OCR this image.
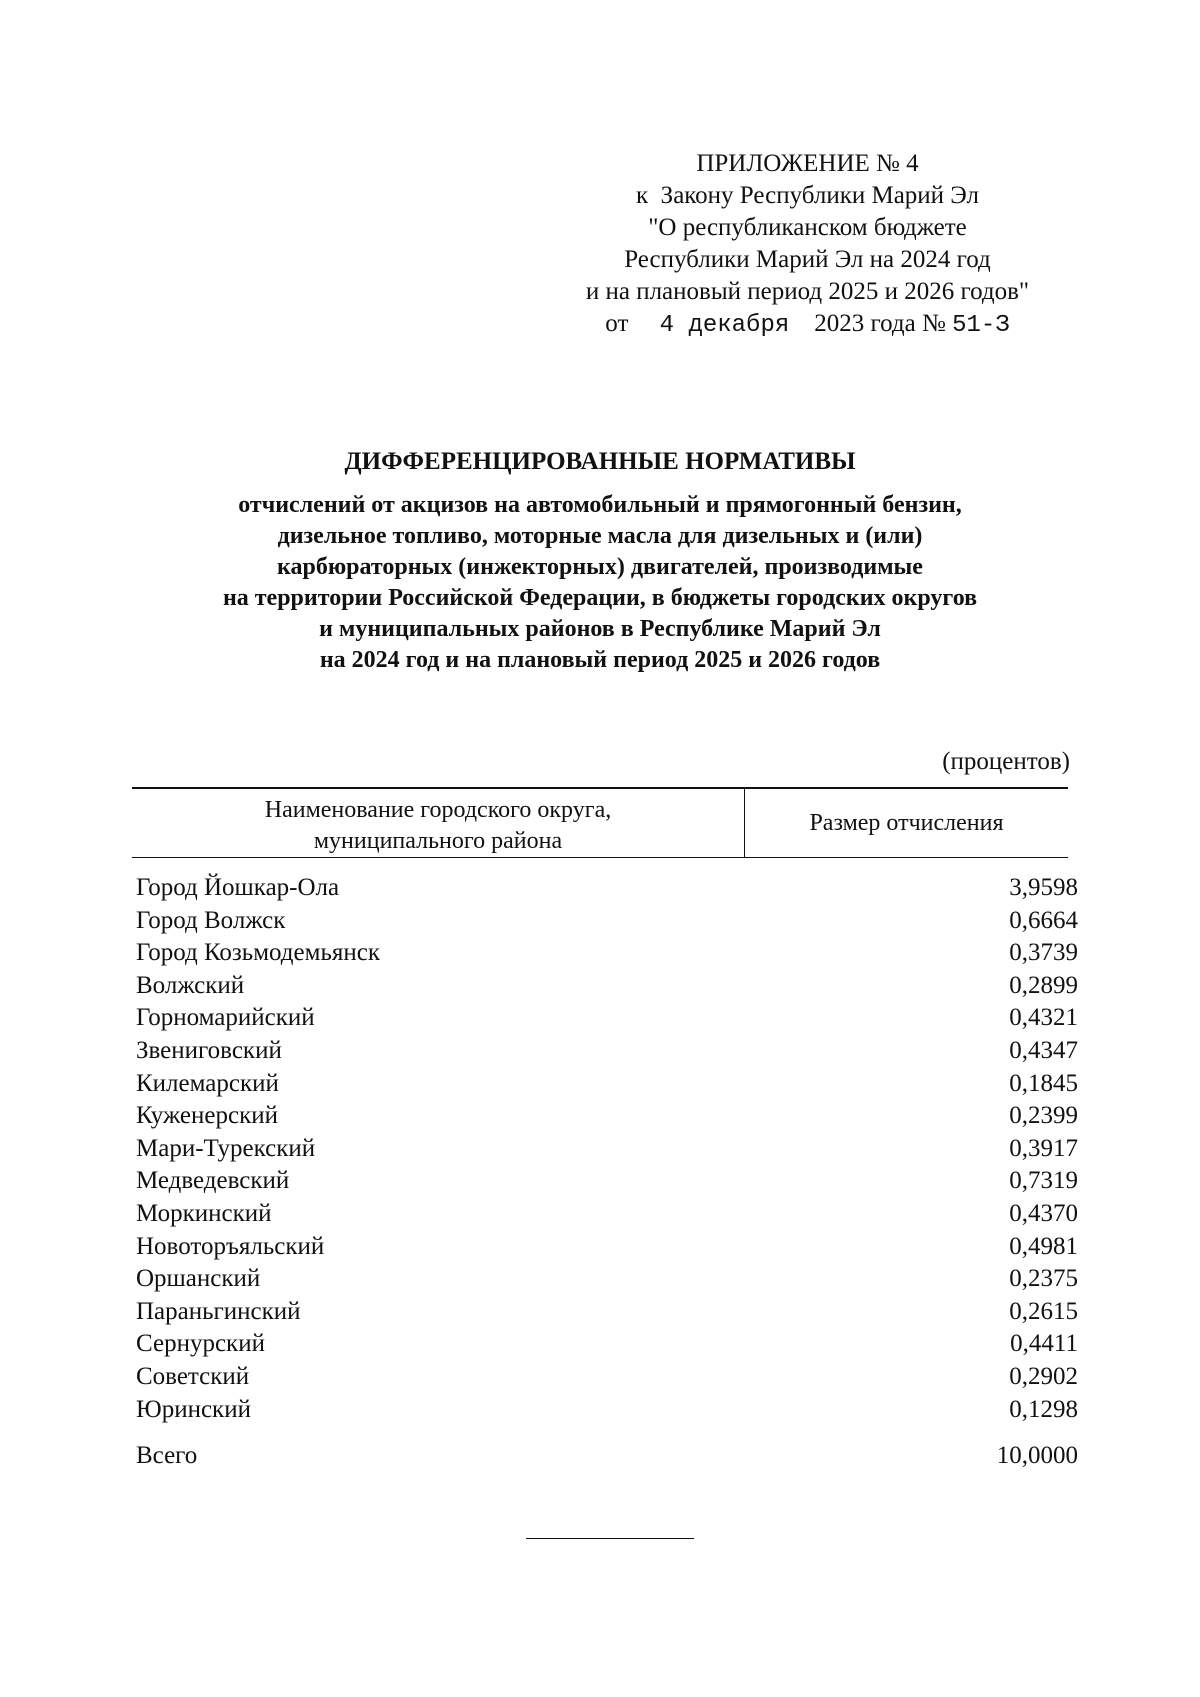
ПРИЛОЖЕНИЕ № 4
к  Закону Республики Марий Эл
"О республиканском бюджете
Республики Марий Эл на 2024 год
и на плановый период 2025 и 2026 годов"
от 4 декабря 2023 года № 51-З
ДИФФЕРЕНЦИРОВАННЫЕ НОРМАТИВЫ
отчислений от акцизов на автомобильный и прямогонный бензин,
дизельное топливо, моторные масла для дизельных и (или)
карбюраторных (инжекторных) двигателей, производимые
на территории Российской Федерации, в бюджеты городских округов
и муниципальных районов в Республике Марий Эл
на 2024 год и на плановый период 2025 и 2026 годов
(процентов)
Наименование городского округа,
муниципального района
Размер отчисления
Город Йошкар-Ола	3,9598
Город Волжск	0,6664
Город Козьмодемьянск	0,3739
Волжский	0,2899
Горномарийский	0,4321
Звениговский	0,4347
Килемарский	0,1845
Куженерский	0,2399
Мари-Турекский	0,3917
Медведевский	0,7319
Моркинский	0,4370
Новоторъяльский	0,4981
Оршанский	0,2375
Параньгинский	0,2615
Сернурский	0,4411
Советский	0,2902
Юринский	0,1298
Всего	10,0000
